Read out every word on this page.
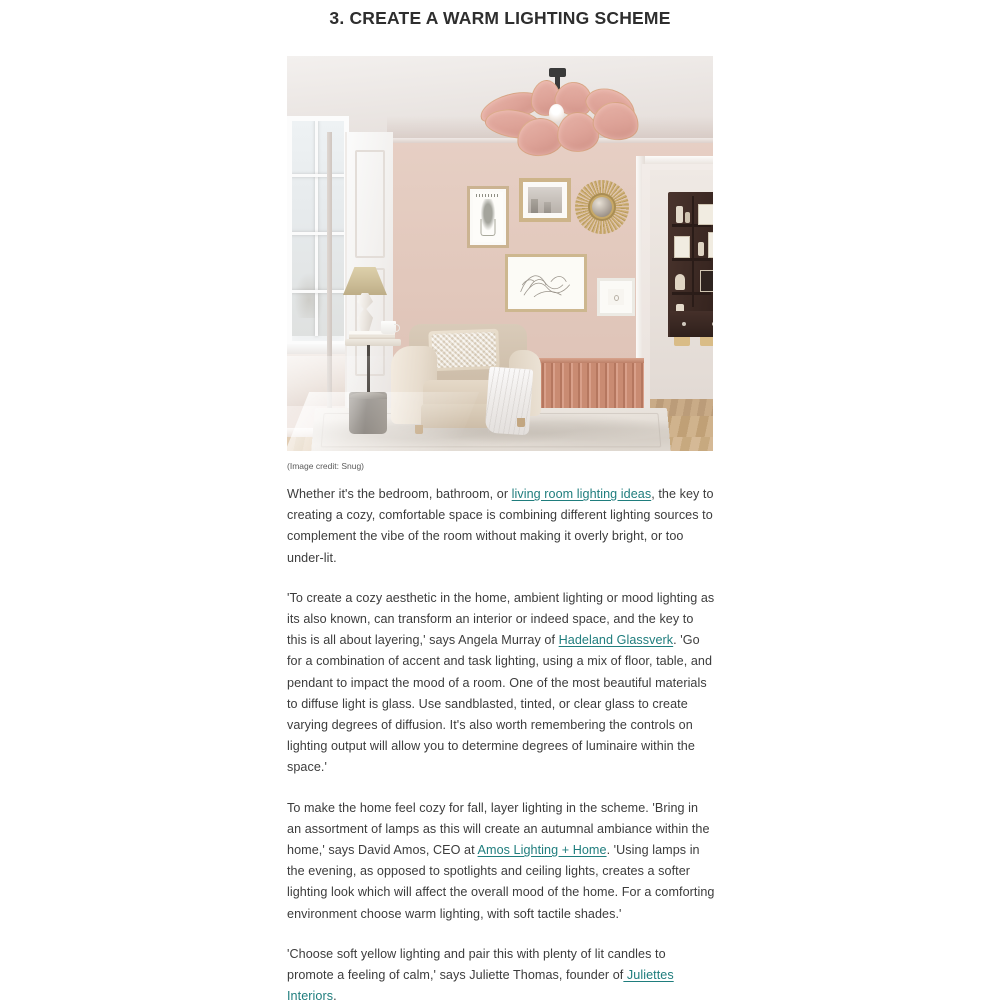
3. CREATE A WARM LIGHTING SCHEME
(Image credit: Snug)

Whether it's the bedroom, bathroom, or living room lighting ideas, the key to creating a cozy, comfortable space is combining different lighting sources to complement the vibe of the room without making it overly bright, or too under-lit.

'To create a cozy aesthetic in the home, ambient lighting or mood lighting as its also known, can transform an interior or indeed space, and the key to this is all about layering,' says Angela Murray of Hadeland Glassverk. 'Go for a combination of accent and task lighting, using a mix of floor, table, and pendant to impact the mood of a room. One of the most beautiful materials to diffuse light is glass. Use sandblasted, tinted, or clear glass to create varying degrees of diffusion. It's also worth remembering the controls on lighting output will allow you to determine degrees of luminaire within the space.'

To make the home feel cozy for fall, layer lighting in the scheme. 'Bring in an assortment of lamps as this will create an autumnal ambiance within the home,' says David Amos, CEO at Amos Lighting + Home. 'Using lamps in the evening, as opposed to spotlights and ceiling lights, creates a softer lighting look which will affect the overall mood of the home. For a comforting environment choose warm lighting, with soft tactile shades.'

'Choose soft yellow lighting and pair this with plenty of lit candles to promote a feeling of calm,' says Juliette Thomas, founder of Juliettes Interiors.
